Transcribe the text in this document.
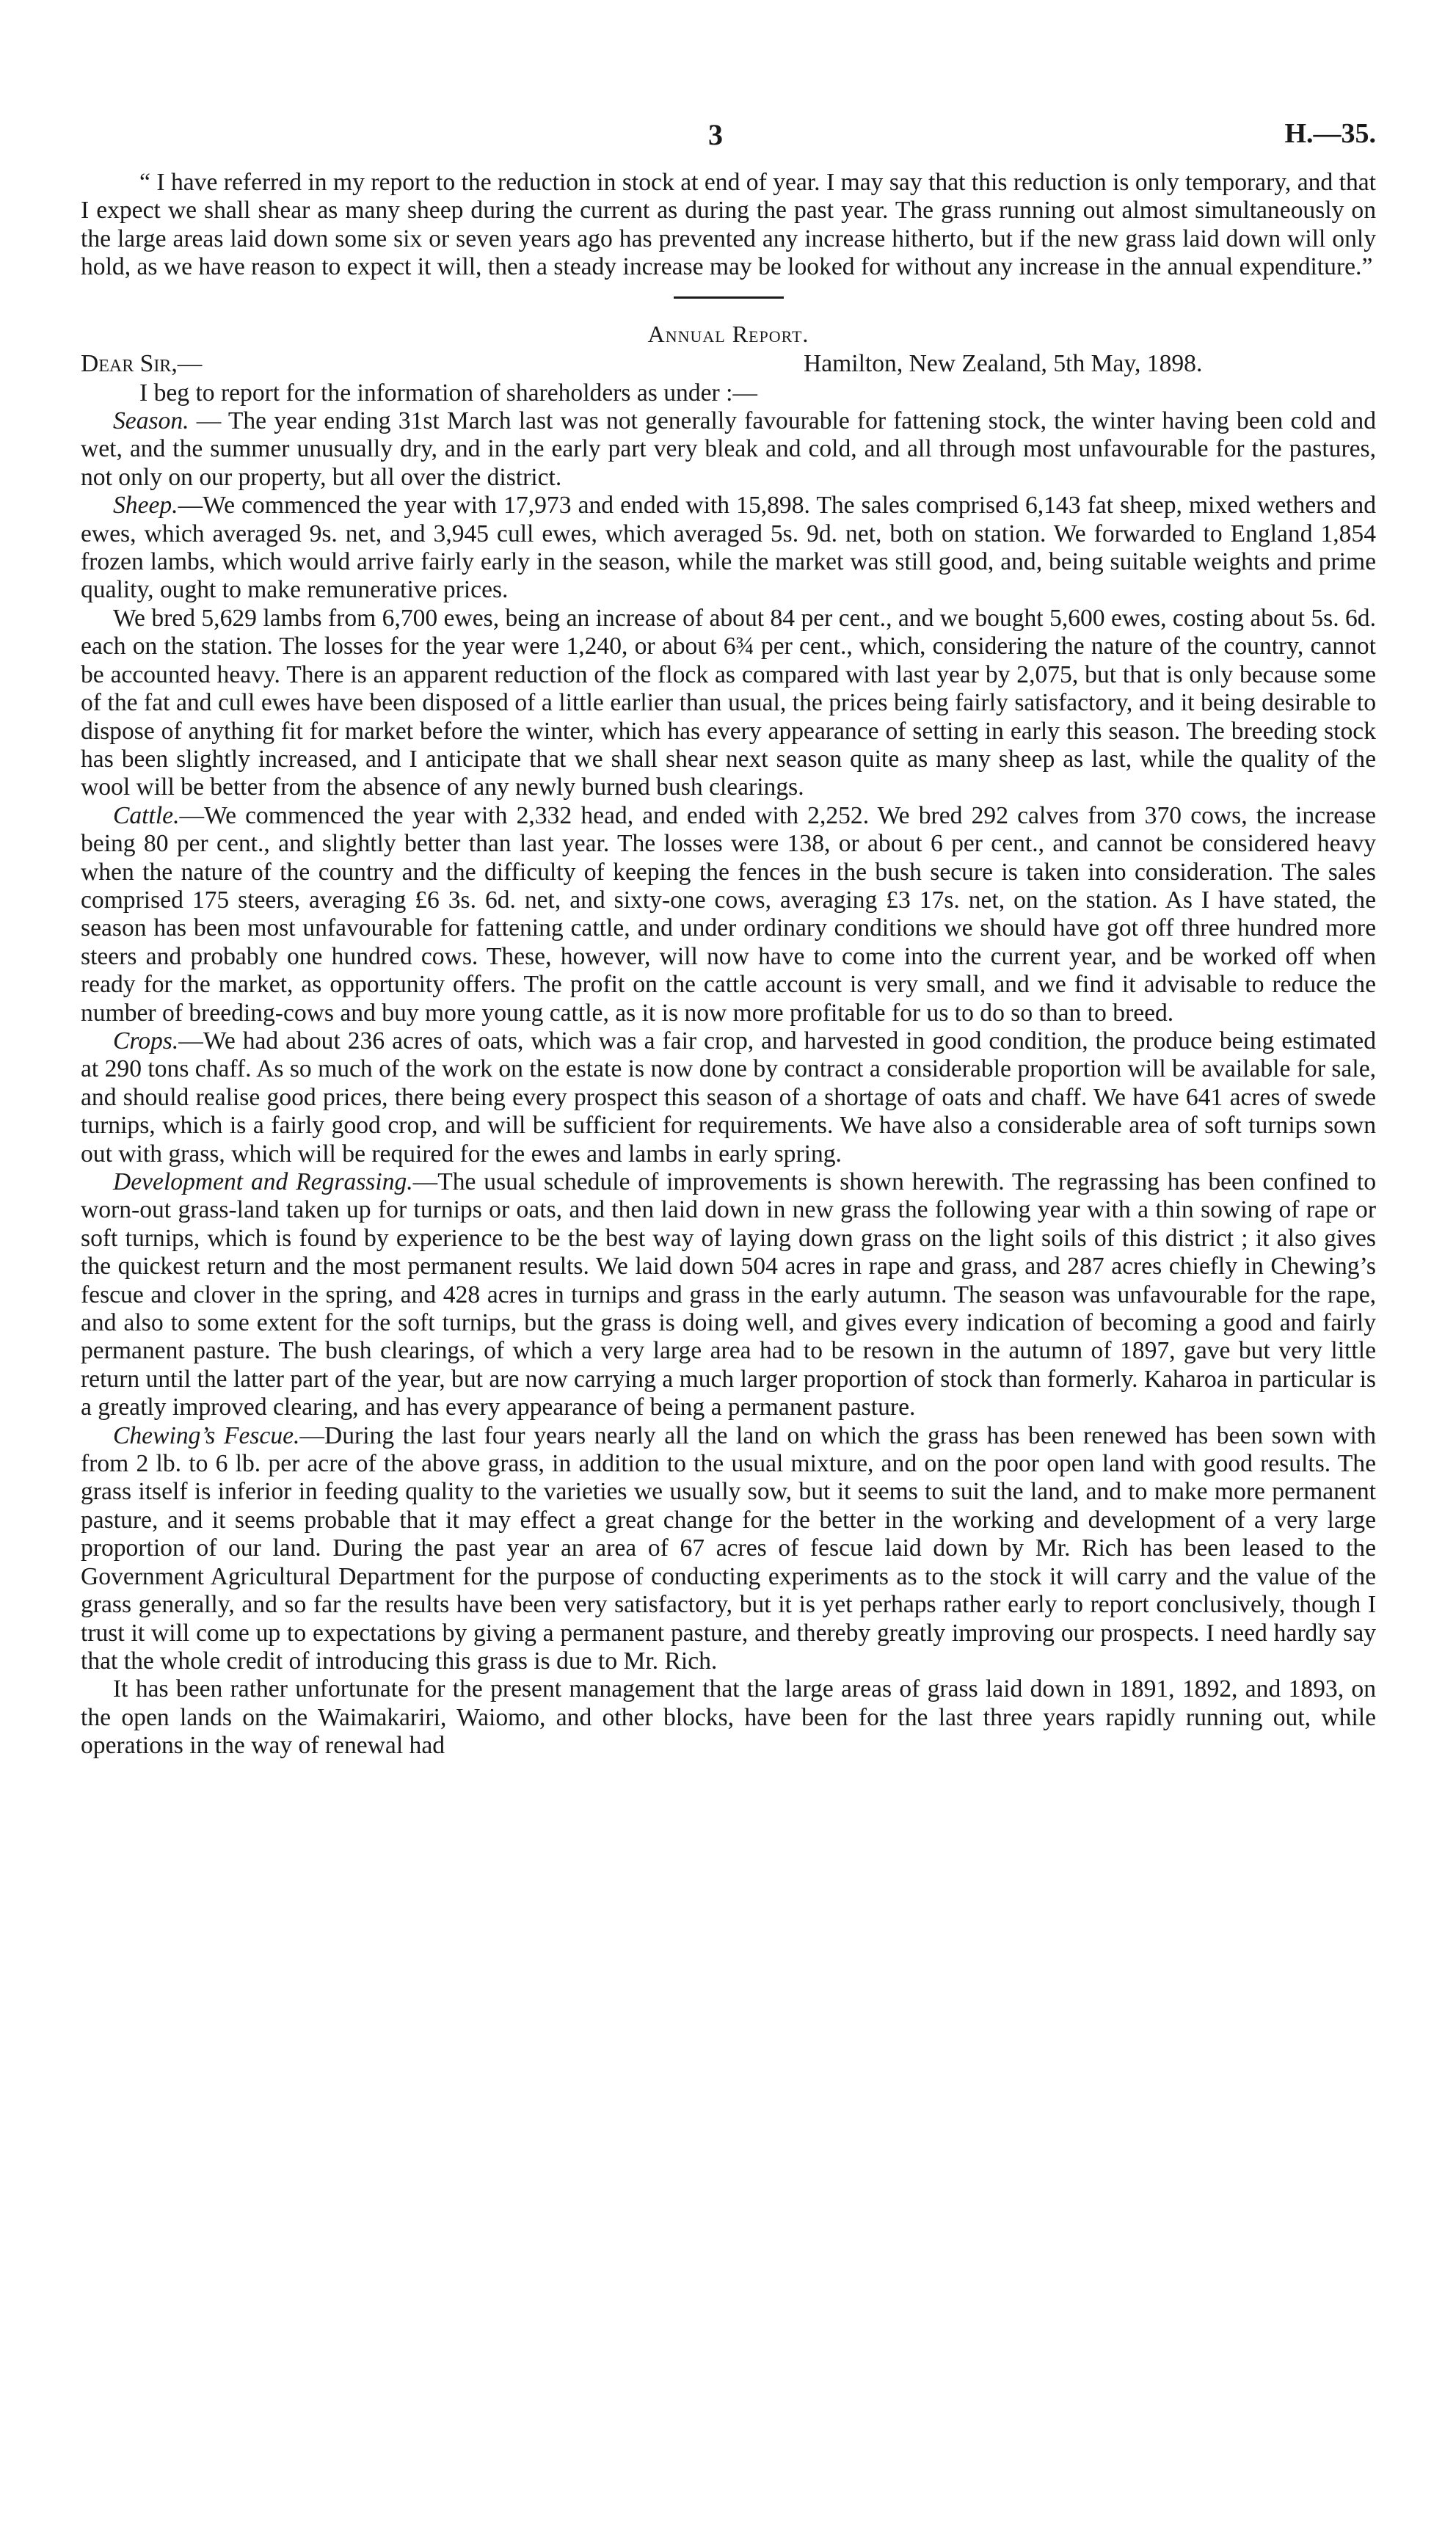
3	H.—35.

“ I have referred in my report to the reduction in stock at end of year. I may say that this reduction is only temporary, and that I expect we shall shear as many sheep during the current as during the past year. The grass running out almost simultaneously on the large areas laid down some six or seven years ago has prevented any increase hitherto, but if the new grass laid down will only hold, as we have reason to expect it will, then a steady increase may be looked for without any increase in the annual expenditure.”

Annual Report.
Dear Sir,—	Hamilton, New Zealand, 5th May, 1898.

I beg to report for the information of shareholders as under :—

Season. — The year ending 31st March last was not generally favourable for fattening stock, the winter having been cold and wet, and the summer unusually dry, and in the early part very bleak and cold, and all through most unfavourable for the pastures, not only on our property, but all over the district.

Sheep.—We commenced the year with 17,973 and ended with 15,898. The sales comprised 6,143 fat sheep, mixed wethers and ewes, which averaged 9s. net, and 3,945 cull ewes, which averaged 5s. 9d. net, both on station. We forwarded to England 1,854 frozen lambs, which would arrive fairly early in the season, while the market was still good, and, being suitable weights and prime quality, ought to make remunerative prices.

We bred 5,629 lambs from 6,700 ewes, being an increase of about 84 per cent., and we bought 5,600 ewes, costing about 5s. 6d. each on the station. The losses for the year were 1,240, or about 6¾ per cent., which, considering the nature of the country, cannot be accounted heavy. There is an apparent reduction of the flock as compared with last year by 2,075, but that is only because some of the fat and cull ewes have been disposed of a little earlier than usual, the prices being fairly satisfactory, and it being desirable to dispose of anything fit for market before the winter, which has every appearance of setting in early this season. The breeding stock has been slightly increased, and I anticipate that we shall shear next season quite as many sheep as last, while the quality of the wool will be better from the absence of any newly burned bush clearings.

Cattle.—We commenced the year with 2,332 head, and ended with 2,252. We bred 292 calves from 370 cows, the increase being 80 per cent., and slightly better than last year. The losses were 138, or about 6 per cent., and cannot be considered heavy when the nature of the country and the difficulty of keeping the fences in the bush secure is taken into consideration. The sales comprised 175 steers, averaging £6 3s. 6d. net, and sixty-one cows, averaging £3 17s. net, on the station. As I have stated, the season has been most unfavourable for fattening cattle, and under ordinary conditions we should have got off three hundred more steers and probably one hundred cows. These, however, will now have to come into the current year, and be worked off when ready for the market, as opportunity offers. The profit on the cattle account is very small, and we find it advisable to reduce the number of breeding-cows and buy more young cattle, as it is now more profitable for us to do so than to breed.

Crops.—We had about 236 acres of oats, which was a fair crop, and harvested in good condition, the produce being estimated at 290 tons chaff. As so much of the work on the estate is now done by contract a considerable proportion will be available for sale, and should realise good prices, there being every prospect this season of a shortage of oats and chaff. We have 641 acres of swede turnips, which is a fairly good crop, and will be sufficient for requirements. We have also a considerable area of soft turnips sown out with grass, which will be required for the ewes and lambs in early spring.

Development and Regrassing.—The usual schedule of improvements is shown herewith. The regrassing has been confined to worn-out grass-land taken up for turnips or oats, and then laid down in new grass the following year with a thin sowing of rape or soft turnips, which is found by experience to be the best way of laying down grass on the light soils of this district ; it also gives the quickest return and the most permanent results. We laid down 504 acres in rape and grass, and 287 acres chiefly in Chewing’s fescue and clover in the spring, and 428 acres in turnips and grass in the early autumn. The season was unfavourable for the rape, and also to some extent for the soft turnips, but the grass is doing well, and gives every indication of becoming a good and fairly permanent pasture. The bush clearings, of which a very large area had to be resown in the autumn of 1897, gave but very little return until the latter part of the year, but are now carrying a much larger proportion of stock than formerly. Kaharoa in particular is a greatly improved clearing, and has every appearance of being a permanent pasture.

Chewing’s Fescue.—During the last four years nearly all the land on which the grass has been renewed has been sown with from 2 lb. to 6 lb. per acre of the above grass, in addition to the usual mixture, and on the poor open land with good results. The grass itself is inferior in feeding quality to the varieties we usually sow, but it seems to suit the land, and to make more permanent pasture, and it seems probable that it may effect a great change for the better in the working and development of a very large proportion of our land. During the past year an area of 67 acres of fescue laid down by Mr. Rich has been leased to the Government Agricultural Department for the purpose of conducting experiments as to the stock it will carry and the value of the grass generally, and so far the results have been very satisfactory, but it is yet perhaps rather early to report conclusively, though I trust it will come up to expectations by giving a permanent pasture, and thereby greatly improving our prospects. I need hardly say that the whole credit of introducing this grass is due to Mr. Rich.

It has been rather unfortunate for the present management that the large areas of grass laid down in 1891, 1892, and 1893, on the open lands on the Waimakariri, Waiomo, and other blocks, have been for the last three years rapidly running out, while operations in the way of renewal had
